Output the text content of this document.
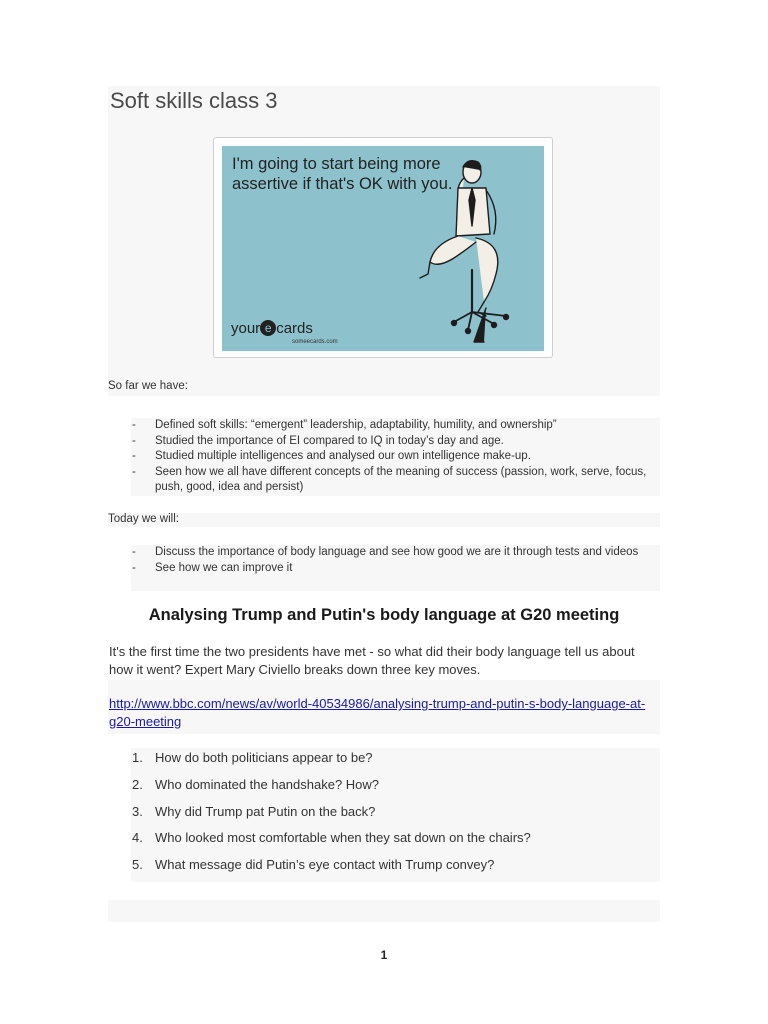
Soft skills class 3
I'm going to start being more assertive if that's OK with you.
your e cards
someecards.com
So far we have:
- Defined soft skills: “emergent” leadership, adaptability, humility, and ownership”
- Studied the importance of EI compared to IQ in today’s day and age.
- Studied multiple intelligences and analysed our own intelligence make-up.
- Seen how we all have different concepts of the meaning of success (passion, work, serve, focus, push, good, idea and persist)
Today we will:
- Discuss the importance of body language and see how good we are it through tests and videos
- See how we can improve it
Analysing Trump and Putin's body language at G20 meeting
It's the first time the two presidents have met - so what did their body language tell us about how it went? Expert Mary Civiello breaks down three key moves.
http://www.bbc.com/news/av/world-40534986/analysing-trump-and-putin-s-body-language-at-g20-meeting
1. How do both politicians appear to be?
2. Who dominated the handshake? How?
3. Why did Trump pat Putin on the back?
4. Who looked most comfortable when they sat down on the chairs?
5. What message did Putin’s eye contact with Trump convey?
1
